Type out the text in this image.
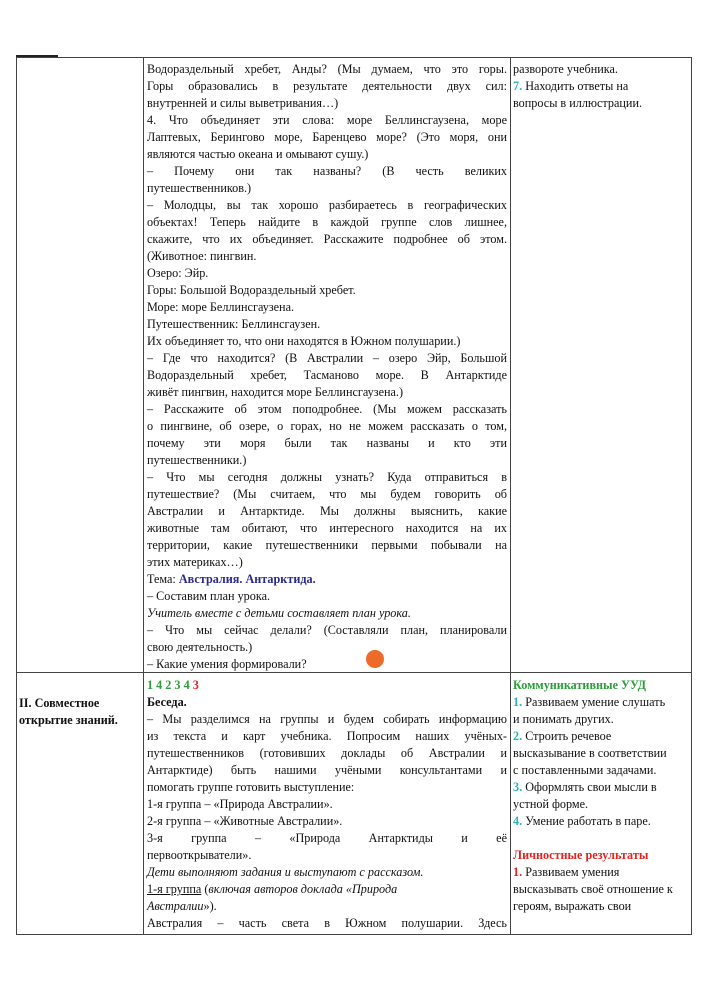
Водораздельный хребет, Анды? (Мы думаем, что это горы.

Горы образовались в результате деятельности двух сил:

внутренней и силы выветривания…)

4. Что объединяет эти слова: море Беллинсгаузена, море

Лаптевых, Берингово море, Баренцево море? (Это моря, они

являются частью океана и омывают сушу.)

– Почему они так названы? (В честь великих

путешественников.)

– Молодцы, вы так хорошо разбираетесь в географических

объектах! Теперь найдите в каждой группе слов лишнее,

скажите, что их объединяет. Расскажите подробнее об этом.

(Животное: пингвин.

Озеро: Эйр.

Горы: Большой Водораздельный хребет.

Море: море Беллинсгаузена.

Путешественник: Беллинсгаузен.

Их объединяет то, что они находятся в Южном полушарии.)

– Где что находится? (В Австралии – озеро Эйр, Большой

Водораздельный хребет, Тасманово море. В Антарктиде

живёт пингвин, находится море Беллинсгаузена.)

– Расскажите об этом поподробнее. (Мы можем рассказать

о пингвине, об озере, о горах, но не можем рассказать о том,

почему эти моря были так названы и кто эти

путешественники.)

– Что мы сегодня должны узнать? Куда отправиться в

путешествие? (Мы считаем, что мы будем говорить об

Австралии и Антарктиде. Мы должны выяснить, какие

животные там обитают, что интересного находится на их

территории, какие путешественники первыми побывали на

этих материках…)

Тема: Австралия. Антарктида.

– Составим план урока.

Учитель вместе с детьми составляет план урока.

– Что мы сейчас делали? (Составляли план, планировали

свою деятельность.)

– Какие умения формировали?

развороте учебника.

7. Находить ответы на

вопросы в иллюстрации.

II. Совместное

открытие знаний.

1 4 2 3 4 3

Беседа.

– Мы разделимся на группы и будем собирать информацию

из текста и карт учебника. Попросим наших учёных-

путешественников (готовивших доклады об Австралии и

Антарктиде) быть нашими учёными консультантами и

помогать группе готовить выступление:

1-я группа – «Природа Австралии».

2-я группа – «Животные Австралии».

3-я группа – «Природа Антарктиды и её

первооткрыватели».

Дети выполняют задания и выступают с рассказом.

1-я группа (включая авторов доклада «Природа

Австралии»).

Австралия – часть света в Южном полушарии. Здесь

Коммуникативные УУД

1. Развиваем умение слушать

и понимать других.

2. Строить речевое

высказывание в соответствии

с поставленными задачами.

3. Оформлять свои мысли в

устной форме.

4. Умение работать в паре.

Личностные результаты

1. Развиваем умения

высказывать своё отношение к

героям, выражать свои
